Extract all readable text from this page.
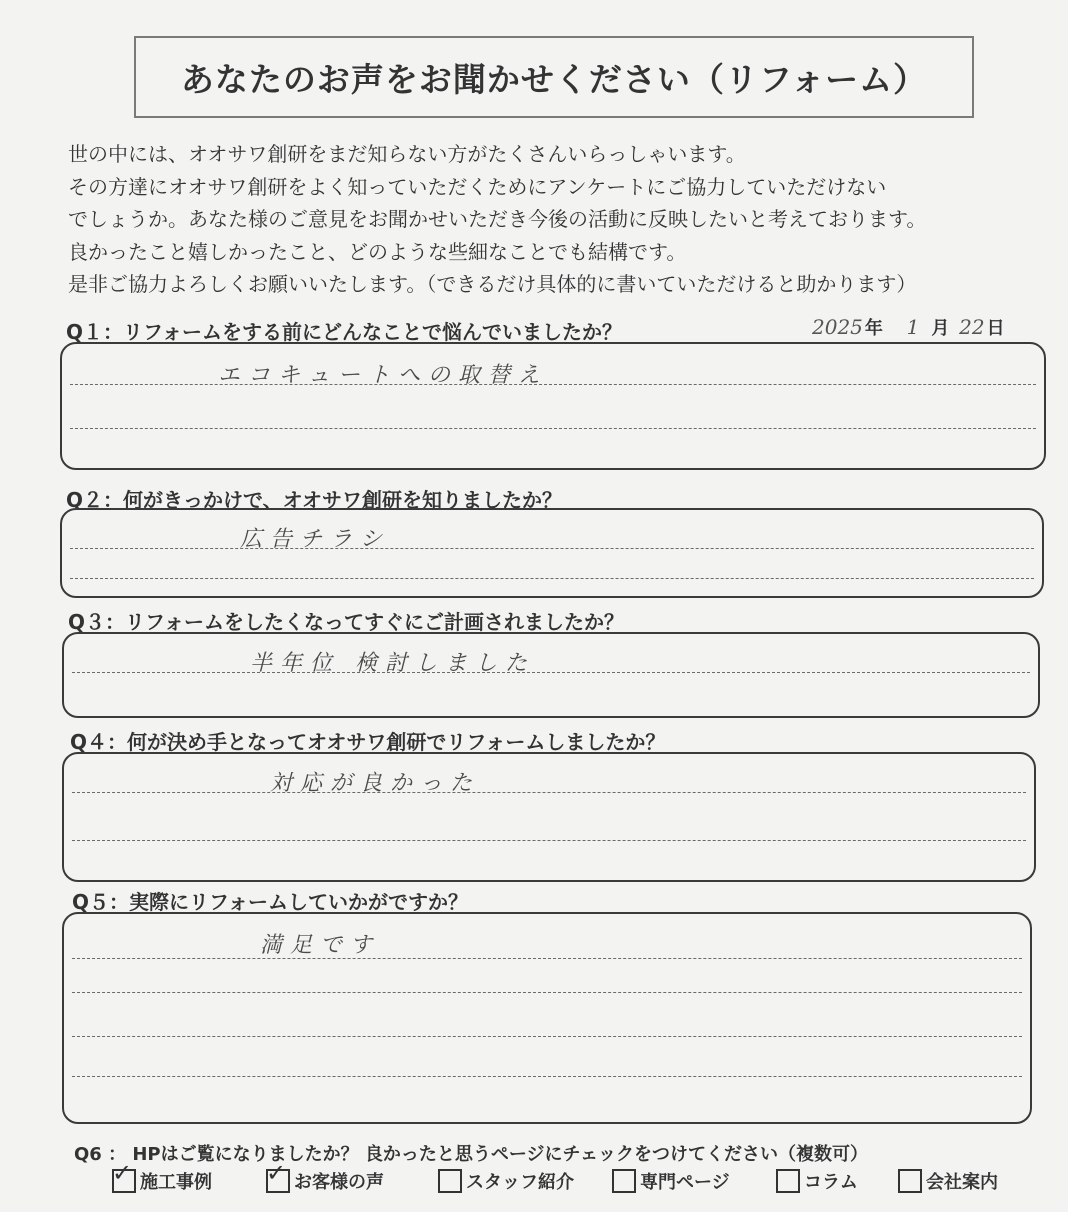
あなたのお声をお聞かせください（リフォーム）
世の中には、オオサワ創研をまだ知らない方がたくさんいらっしゃいます。
その方達にオオサワ創研をよく知っていただくためにアンケートにご協力していただけない
でしょうか。あなた様のご意見をお聞かせいただき今後の活動に反映したいと考えております。
良かったこと嬉しかったこと、どのような些細なことでも結構です。
是非ご協力よろしくお願いいたします。（できるだけ具体的に書いていただけると助かります）
Q１：リフォームをする前にどんなことで悩んでいましたか？	2025 年 1 月 22 日
エコキュートへの取替え
Q２：何がきっかけで、オオサワ創研を知りましたか？
広告チラシ
Q３：リフォームをしたくなってすぐにご計画されましたか？
半年位 検討しました
Q４：何が決め手となってオオサワ創研でリフォームしましたか？
対応が良かった
Q５：実際にリフォームしていかがですか？
満足です
Q6 ： HPはご覧になりましたか？ 良かったと思うページにチェックをつけてください（複数可）
✓ 施工事例 ✓ お客様の声	スタッフ紹介	専門ページ	コラム	会社案内
